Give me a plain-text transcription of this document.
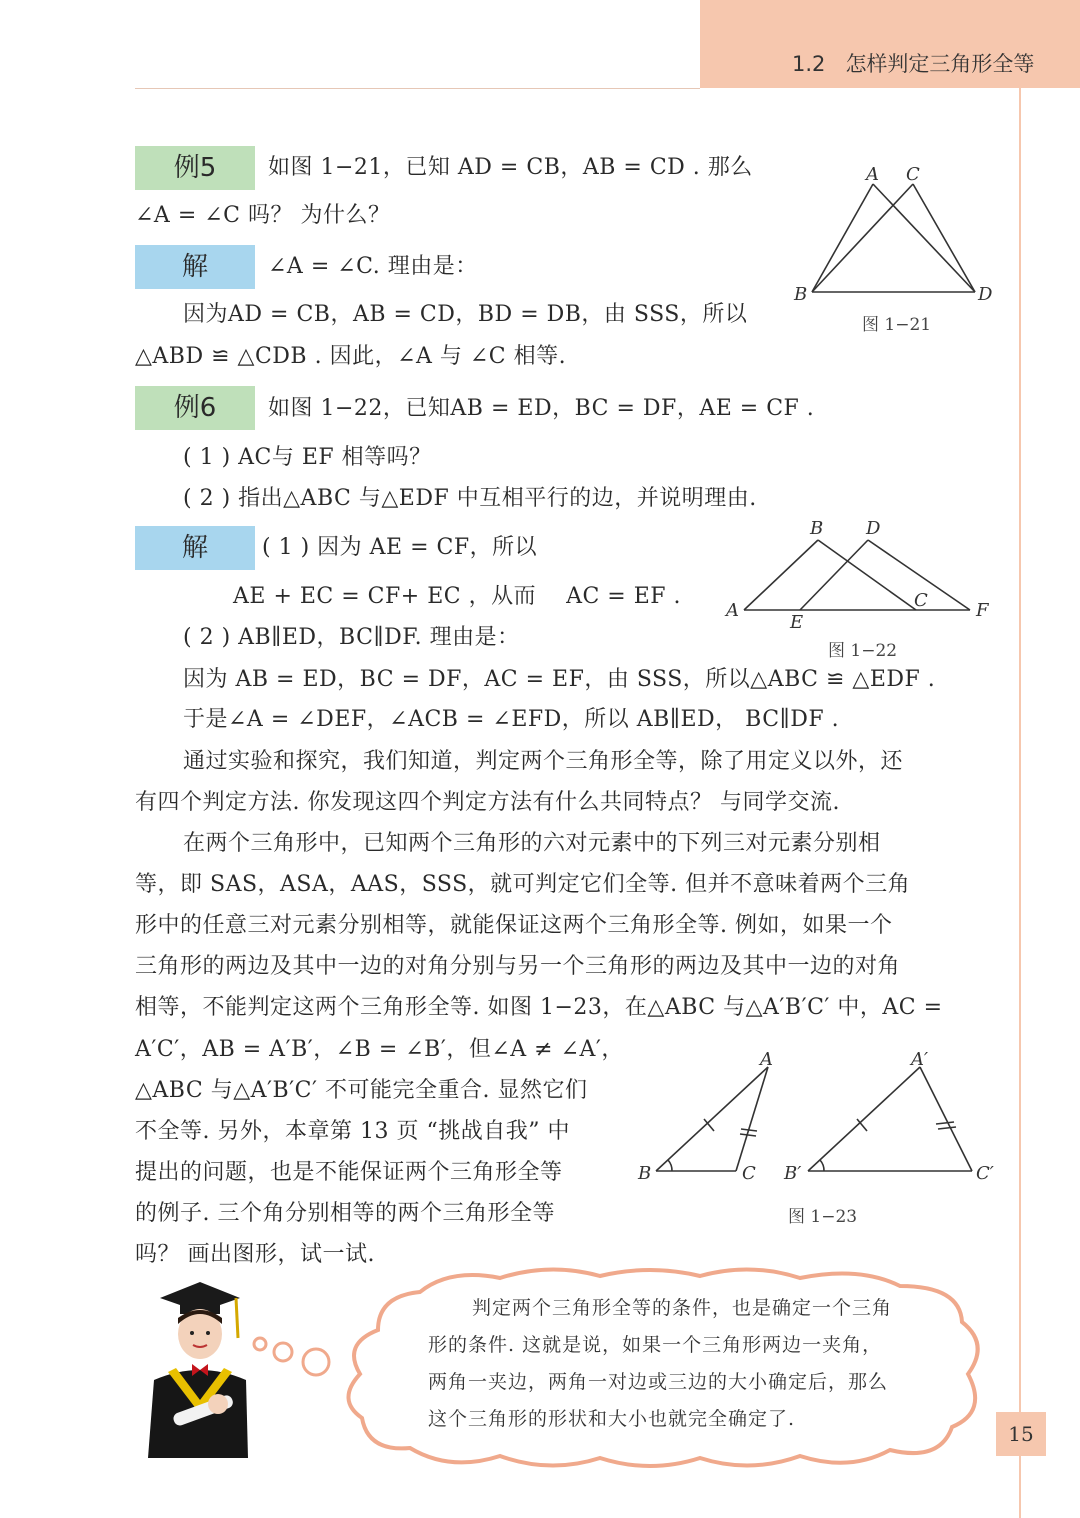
1.2 怎样判定三角形全等
例5	如图 1−21，已知 AD = CB，AB = CD . 那么
∠A = ∠C 吗？ 为什么？
A C
B	D
图 1−21
解	∠A = ∠C. 理由是：
因为AD = CB，AB = CD，BD = DB，由 SSS，所以
△ABD ≌ △CDB . 因此，∠A 与 ∠C 相等.
例6	如图 1−22，已知AB = ED，BC = DF，AE = CF .
( 1 ) AC与 EF 相等吗？
( 2 ) 指出△ABC 与△EDF 中互相平行的边，并说明理由.
B D
A
E
C	F
图 1−22
解	( 1 ) 因为 AE = CF，所以
AE + EC = CF+ EC ，从而　 AC = EF .
( 2 ) AB∥ED，BC∥DF. 理由是：
因为 AB = ED，BC = DF，AC = EF，由 SSS，所以△ABC ≌ △EDF .
于是∠A = ∠DEF，∠ACB = ∠EFD，所以 AB∥ED， BC∥DF .
通过实验和探究，我们知道，判定两个三角形全等，除了用定义以外，还
有四个判定方法. 你发现这四个判定方法有什么共同特点？ 与同学交流.
在两个三角形中，已知两个三角形的六对元素中的下列三对元素分别相
等，即 SAS，ASA，AAS，SSS，就可判定它们全等. 但并不意味着两个三角
形中的任意三对元素分别相等，就能保证这两个三角形全等. 例如，如果一个
三角形的两边及其中一边的对角分别与另一个三角形的两边及其中一边的对角
相等，不能判定这两个三角形全等. 如图 1−23，在△ABC 与△A′B′C′ 中，AC =
A′C′，AB = A′B′，∠B = ∠B′，但∠A ≠ ∠A′，
△ABC 与△A′B′C′ 不可能完全重合. 显然它们
不全等. 另外，本章第 13 页 “挑战自我” 中
提出的问题，也是不能保证两个三角形全等
的例子. 三个角分别相等的两个三角形全等
吗？ 画出图形，试一试.
A
B	C
A′
B′	C′
图 1−23
判定两个三角形全等的条件，也是确定一个三角
形的条件. 这就是说，如果一个三角形两边一夹角，
两角一夹边，两角一对边或三边的大小确定后，那么
这个三角形的形状和大小也就完全确定了.
15
